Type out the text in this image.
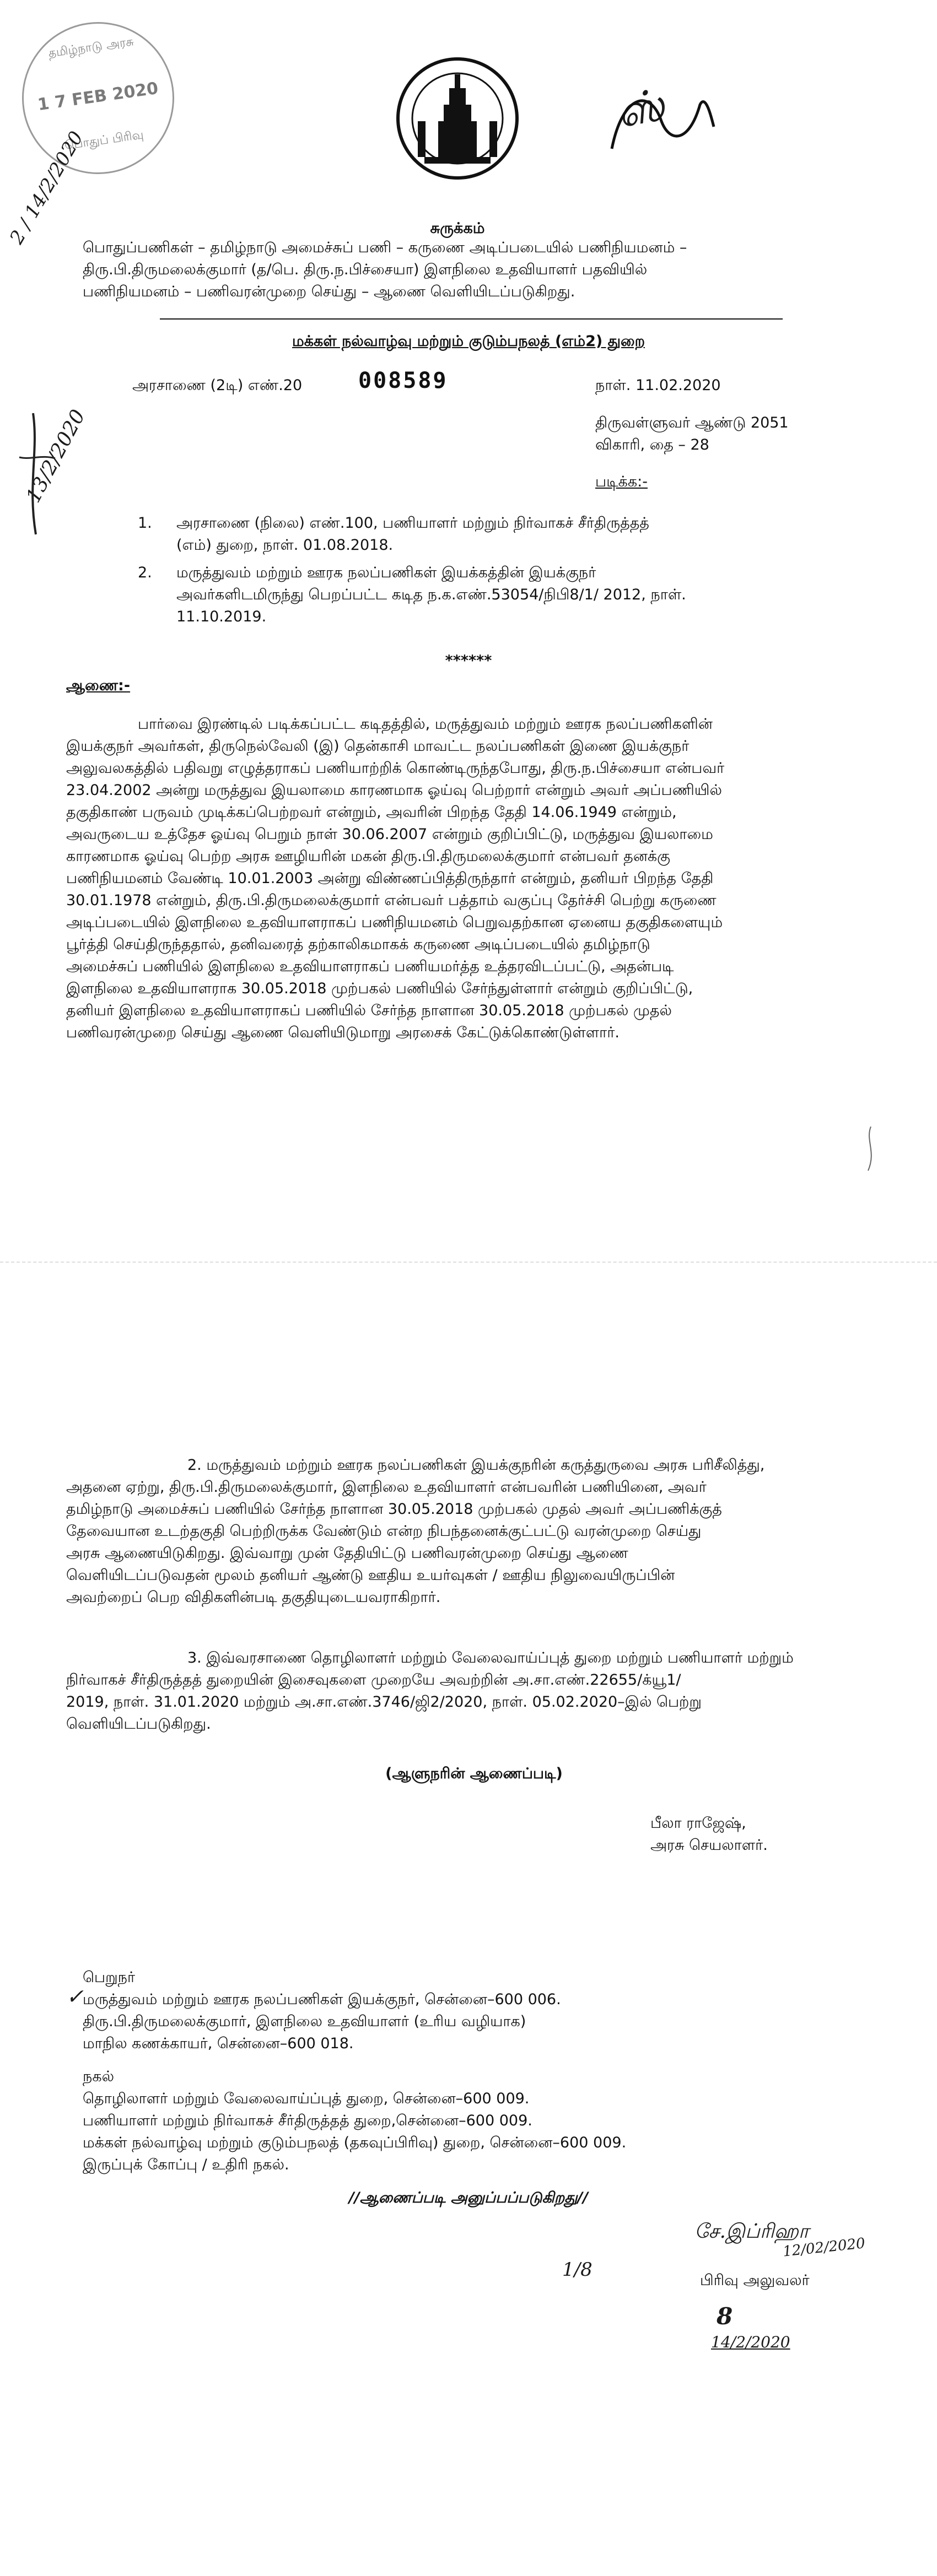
தமிழ்நாடு அரசு
1 7 FEB 2020
பொதுப் பிரிவு
2 / 14/2/2020
13/2/2020
ஸ்
சுருக்கம்
பொதுப்பணிகள் – தமிழ்நாடு அமைச்சுப் பணி – கருணை அடிப்படையில் பணிநியமனம் –
திரு.பி.திருமலைக்குமார் (த/பெ. திரு.ந.பிச்சையா) இளநிலை உதவியாளர் பதவியில்
பணிநியமனம் – பணிவரன்முறை செய்து – ஆணை வெளியிடப்படுகிறது.
மக்கள் நல்வாழ்வு மற்றும் குடும்பநலத் (எம்2) துறை
அரசாணை (2டி) எண்.20	008589	நாள். 11.02.2020
திருவள்ளுவர் ஆண்டு 2051
விகாரி, தை – 28
படிக்க:-
1. அரசாணை (நிலை) எண்.100, பணியாளர் மற்றும் நிர்வாகச் சீர்திருத்தத்
(எம்) துறை, நாள். 01.08.2018.
2. மருத்துவம் மற்றும் ஊரக நலப்பணிகள் இயக்கத்தின் இயக்குநர்
அவர்களிடமிருந்து பெறப்பட்ட கடித ந.க.எண்.53054/நிபி8/1/ 2012, நாள்.
11.10.2019.
******
ஆணை:-
பார்வை இரண்டில் படிக்கப்பட்ட கடிதத்தில், மருத்துவம் மற்றும் ஊரக நலப்பணிகளின்
இயக்குநர் அவர்கள், திருநெல்வேலி (இ) தென்காசி மாவட்ட நலப்பணிகள் இணை இயக்குநர்
அலுவலகத்தில் பதிவறு எழுத்தராகப் பணியாற்றிக் கொண்டிருந்தபோது, திரு.ந.பிச்சையா என்பவர்
23.04.2002 அன்று மருத்துவ இயலாமை காரணமாக ஓய்வு பெற்றார் என்றும் அவர் அப்பணியில்
தகுதிகாண் பருவம் முடிக்கப்பெற்றவர் என்றும், அவரின் பிறந்த தேதி 14.06.1949 என்றும்,
அவருடைய உத்தேச ஓய்வு பெறும் நாள் 30.06.2007 என்றும் குறிப்பிட்டு, மருத்துவ இயலாமை
காரணமாக ஓய்வு பெற்ற அரசு ஊழியரின் மகன் திரு.பி.திருமலைக்குமார் என்பவர் தனக்கு
பணிநியமனம் வேண்டி 10.01.2003 அன்று விண்ணப்பித்திருந்தார் என்றும், தனியர் பிறந்த தேதி
30.01.1978 என்றும், திரு.பி.திருமலைக்குமார் என்பவர் பத்தாம் வகுப்பு தேர்ச்சி பெற்று கருணை
அடிப்படையில் இளநிலை உதவியாளராகப் பணிநியமனம் பெறுவதற்கான ஏனைய தகுதிகளையும்
பூர்த்தி செய்திருந்ததால், தனிவரைத் தற்காலிகமாகக் கருணை அடிப்படையில் தமிழ்நாடு
அமைச்சுப் பணியில் இளநிலை உதவியாளராகப் பணியமர்த்த உத்தரவிடப்பட்டு, அதன்படி
இளநிலை உதவியாளராக 30.05.2018 முற்பகல் பணியில் சேர்ந்துள்ளார் என்றும் குறிப்பிட்டு,
தனியர் இளநிலை உதவியாளராகப் பணியில் சேர்ந்த நாளான 30.05.2018 முற்பகல் முதல்
பணிவரன்முறை செய்து ஆணை வெளியிடுமாறு அரசைக் கேட்டுக்கொண்டுள்ளார்.
2. மருத்துவம் மற்றும் ஊரக நலப்பணிகள் இயக்குநரின் கருத்துருவை அரசு பரிசீலித்து,
அதனை ஏற்று, திரு.பி.திருமலைக்குமார், இளநிலை உதவியாளர் என்பவரின் பணியினை, அவர்
தமிழ்நாடு அமைச்சுப் பணியில் சேர்ந்த நாளான 30.05.2018 முற்பகல் முதல் அவர் அப்பணிக்குத்
தேவையான உடற்தகுதி பெற்றிருக்க வேண்டும் என்ற நிபந்தனைக்குட்பட்டு வரன்முறை செய்து
அரசு ஆணையிடுகிறது. இவ்வாறு முன் தேதியிட்டு பணிவரன்முறை செய்து ஆணை
வெளியிடப்படுவதன் மூலம் தனியர் ஆண்டு ஊதிய உயர்வுகள் / ஊதிய நிலுவையிருப்பின்
அவற்றைப் பெற விதிகளின்படி தகுதியுடையவராகிறார்.
3. இவ்வரசாணை தொழிலாளர் மற்றும் வேலைவாய்ப்புத் துறை மற்றும் பணியாளர் மற்றும்
நிர்வாகச் சீர்திருத்தத் துறையின் இசைவுகளை முறையே அவற்றின் அ.சா.எண்.22655/க்யூ1/
2019, நாள். 31.01.2020 மற்றும் அ.சா.எண்.3746/ஜி2/2020, நாள். 05.02.2020–இல் பெற்று
வெளியிடப்படுகிறது.
(ஆளுநரின் ஆணைப்படி)
பீலா ராஜேஷ்,
அரசு செயலாளர்.
பெறுநர்
✓
மருத்துவம் மற்றும் ஊரக நலப்பணிகள் இயக்குநர், சென்னை–600 006.
திரு.பி.திருமலைக்குமார், இளநிலை உதவியாளர் (உரிய வழியாக)
மாநில கணக்காயர், சென்னை–600 018.
நகல்
தொழிலாளர் மற்றும் வேலைவாய்ப்புத் துறை, சென்னை–600 009.
பணியாளர் மற்றும் நிர்வாகச் சீர்திருத்தத் துறை,சென்னை–600 009.
மக்கள் நல்வாழ்வு மற்றும் குடும்பநலத் (தகவுப்பிரிவு) துறை, சென்னை–600 009.
இருப்புக் கோப்பு / உதிரி நகல்.
//ஆணைப்படி அனுப்பப்படுகிறது//
1/8
சே.இப்ரிஹா
12/02/2020
பிரிவு அலுவலர்
8
14/2/2020
